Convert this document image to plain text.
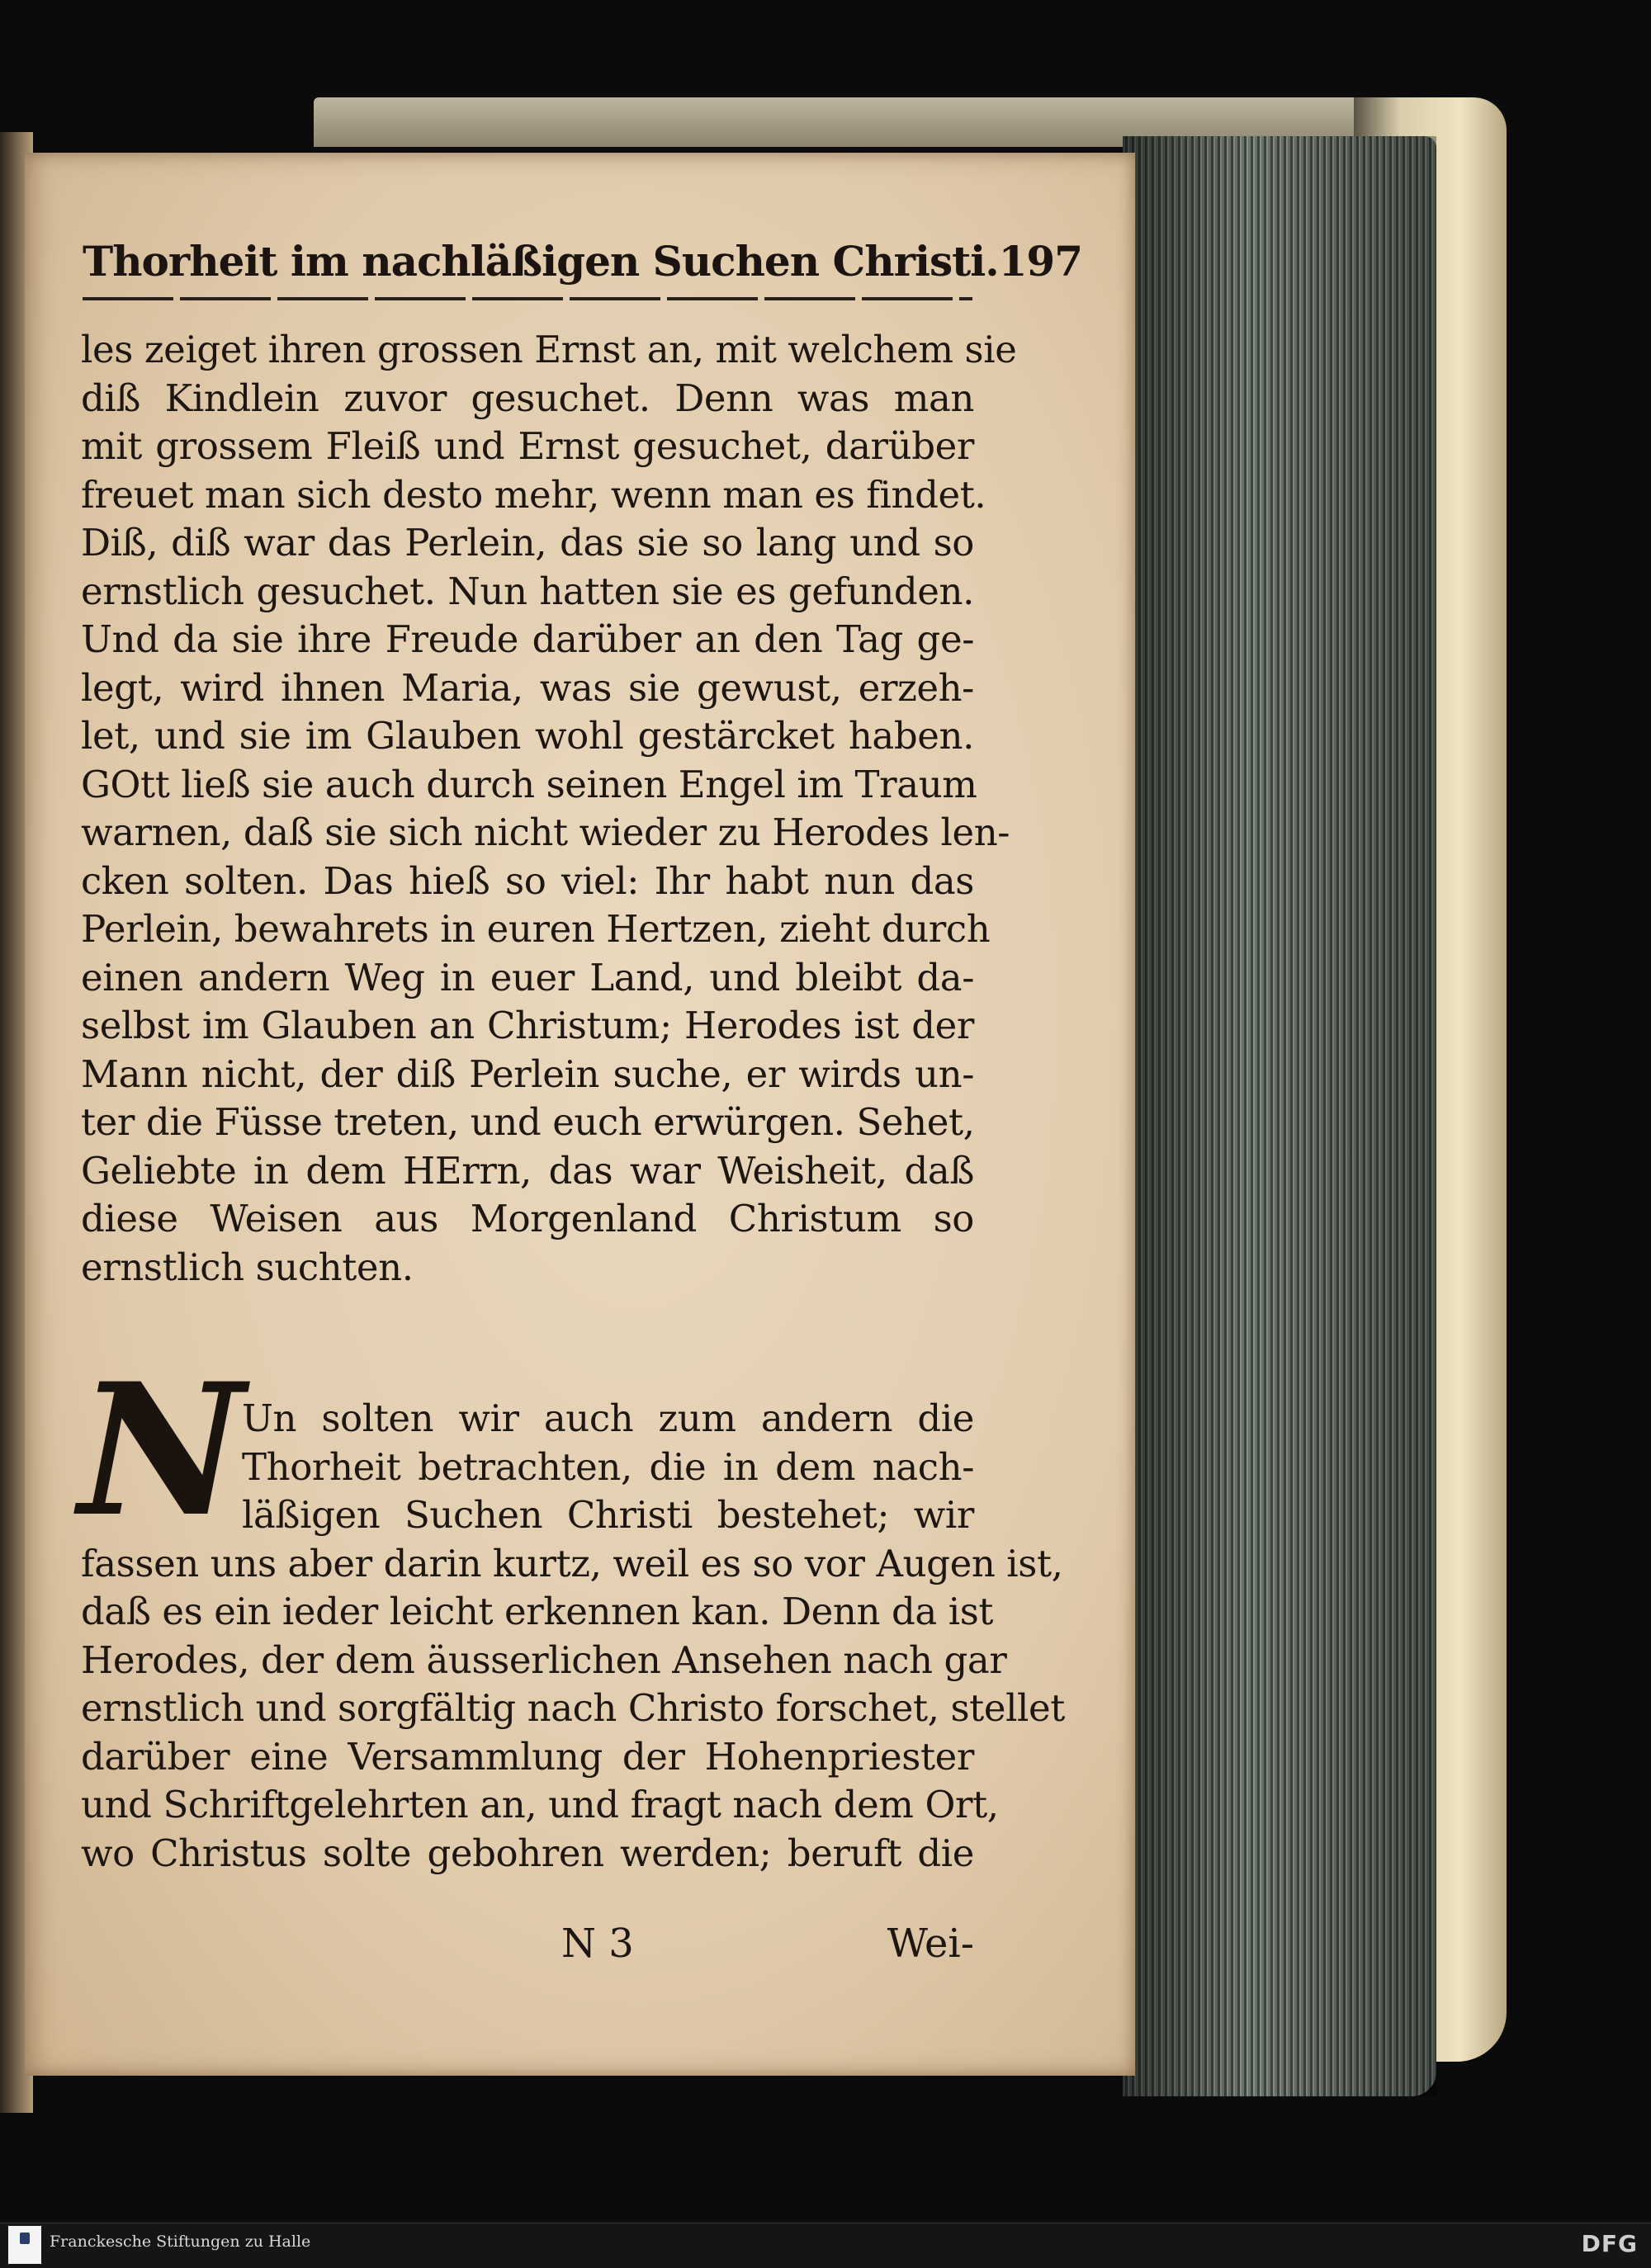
Thorheit im nachläßigen Suchen Christi. 197
les zeiget ihren grossen Ernst an, mit welchem sie
diß Kindlein zuvor gesuchet. Denn was man
mit grossem Fleiß und Ernst gesuchet, darüber
freuet man sich desto mehr, wenn man es findet.
Diß, diß war das Perlein, das sie so lang und so
ernstlich gesuchet. Nun hatten sie es gefunden.
Und da sie ihre Freude darüber an den Tag ge-
legt, wird ihnen Maria, was sie gewust, erzeh-
let, und sie im Glauben wohl gestärcket haben.
GOtt ließ sie auch durch seinen Engel im Traum
warnen, daß sie sich nicht wieder zu Herodes len-
cken solten. Das hieß so viel: Ihr habt nun das
Perlein, bewahrets in euren Hertzen, zieht durch
einen andern Weg in euer Land, und bleibt da-
selbst im Glauben an Christum; Herodes ist der
Mann nicht, der diß Perlein suche, er wirds un-
ter die Füsse treten, und euch erwürgen. Sehet,
Geliebte in dem HErrn, das war Weisheit, daß
diese Weisen aus Morgenland Christum so
ernstlich suchten.
N
Un solten wir auch zum andern die
Thorheit betrachten, die in dem nach-
läßigen Suchen Christi bestehet; wir
fassen uns aber darin kurtz, weil es so vor Augen ist,
daß es ein ieder leicht erkennen kan. Denn da ist
Herodes, der dem äusserlichen Ansehen nach gar
ernstlich und sorgfältig nach Christo forschet, stellet
darüber eine Versammlung der Hohenpriester
und Schriftgelehrten an, und fragt nach dem Ort,
wo Christus solte gebohren werden; beruft die
N 3	Wei-
Franckesche Stiftungen zu Halle	DFG
